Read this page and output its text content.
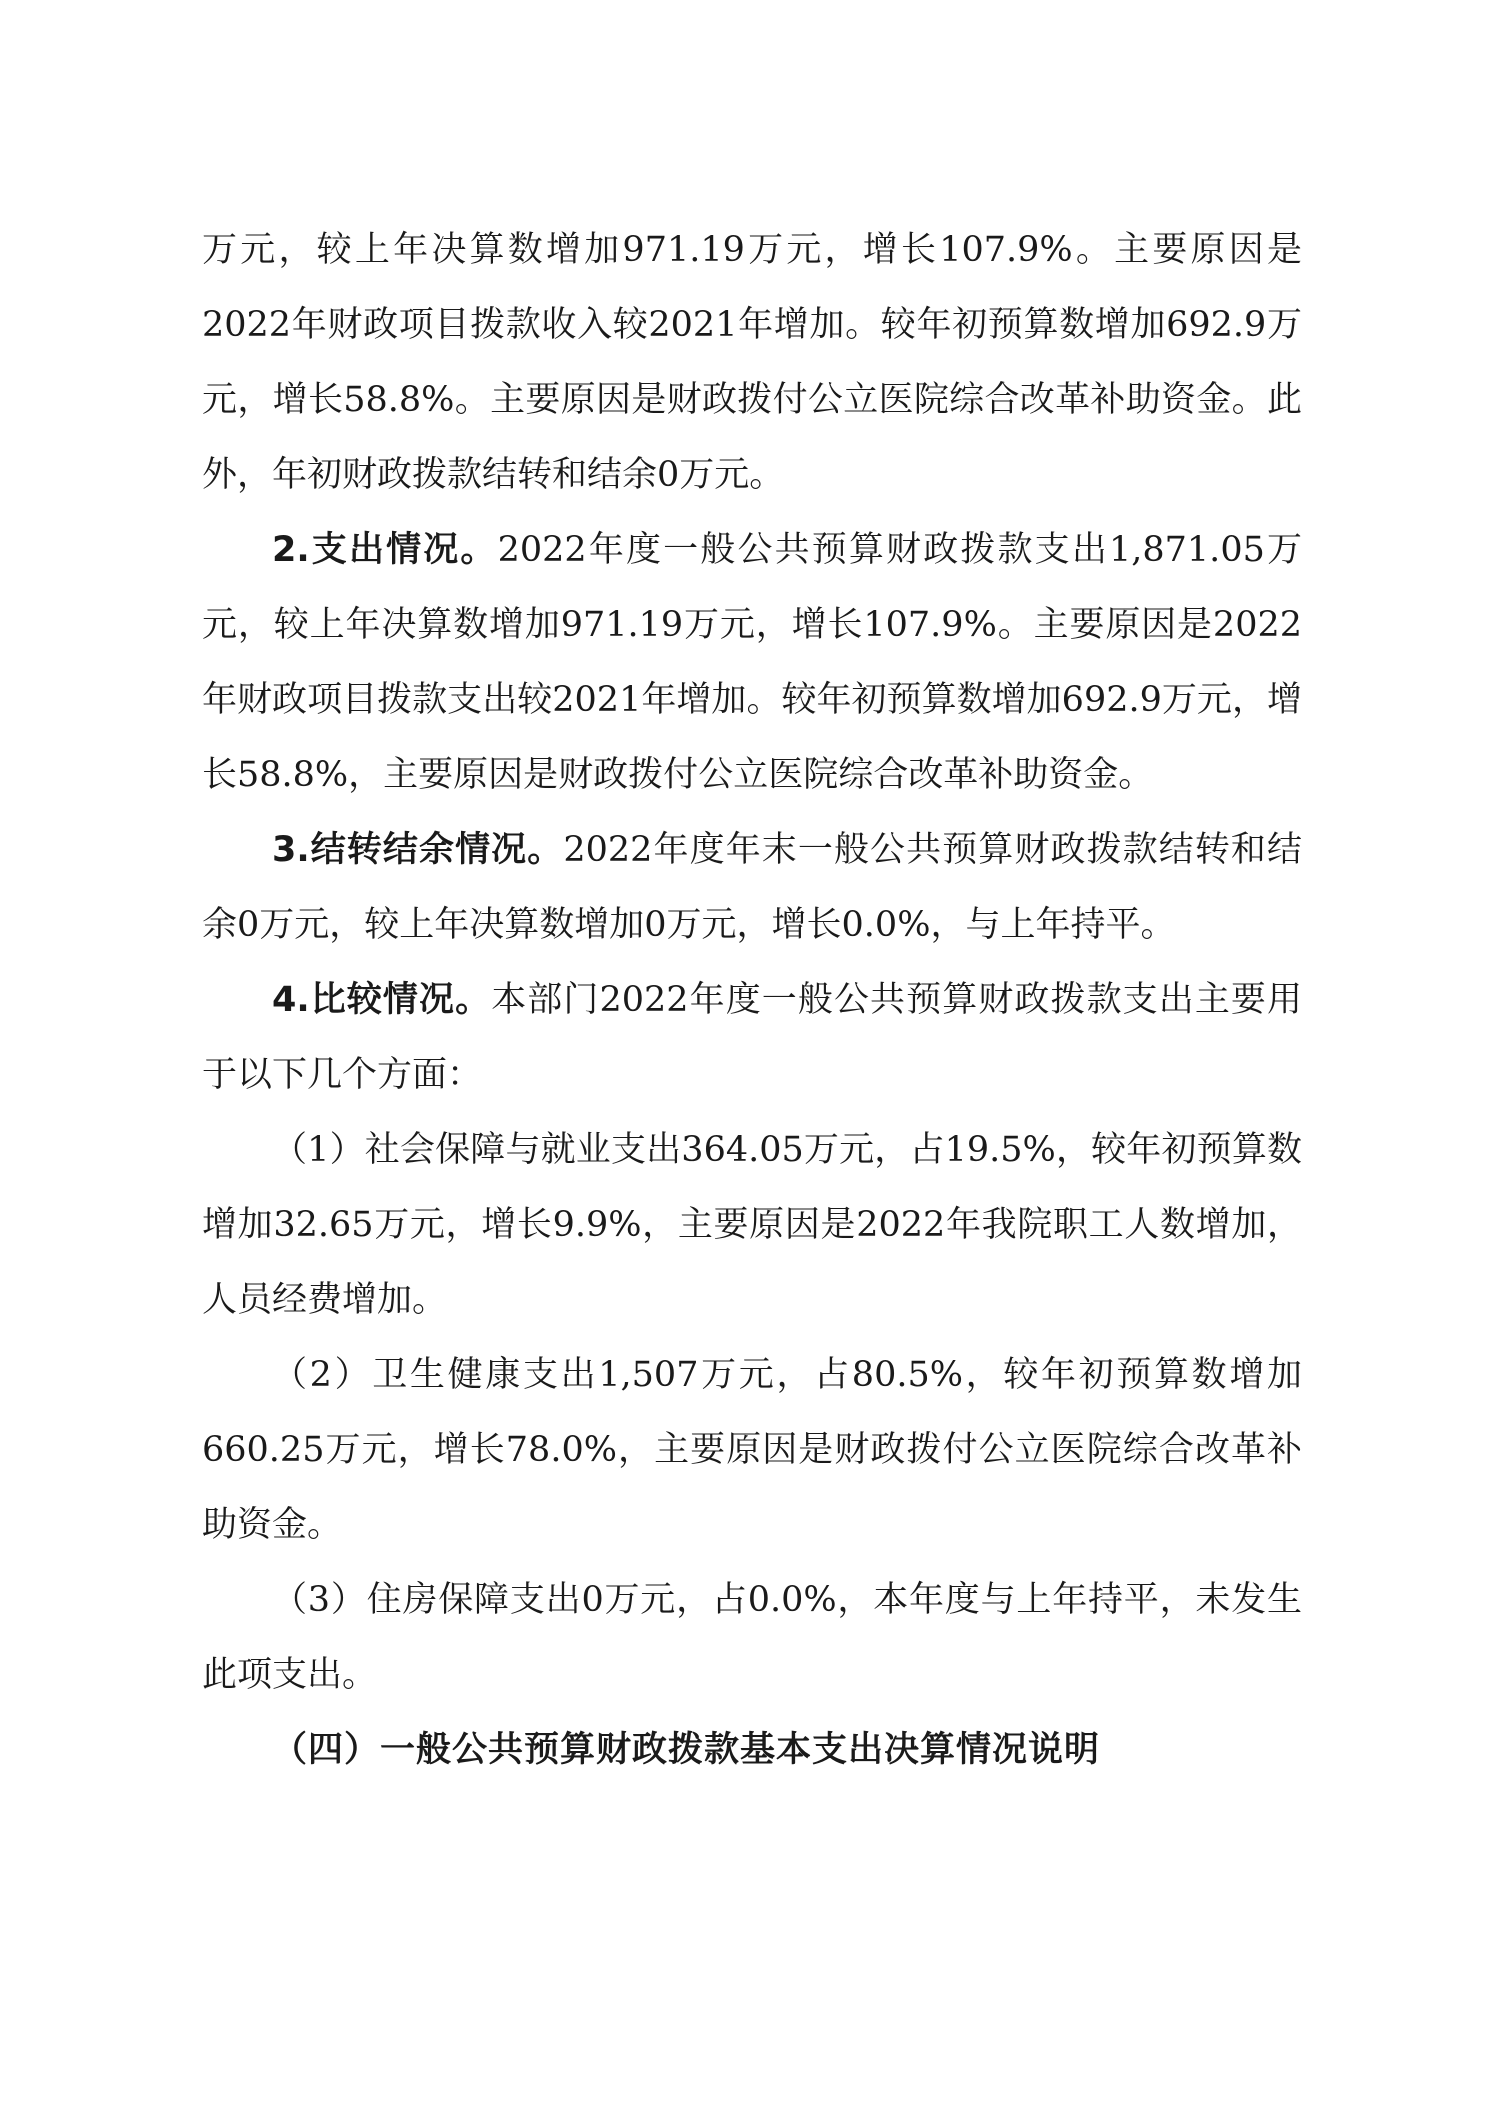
万元，较上年决算数增加971.19万元，增长107.9%。主要原因是2022年财政项目拨款收入较2021年增加。较年初预算数增加692.9万元，增长58.8%。主要原因是财政拨付公立医院综合改革补助资金。此外，年初财政拨款结转和结余0万元。

2.支出情况。2022年度一般公共预算财政拨款支出1,871.05万元，较上年决算数增加971.19万元，增长107.9%。主要原因是2022年财政项目拨款支出较2021年增加。较年初预算数增加692.9万元，增长58.8%，主要原因是财政拨付公立医院综合改革补助资金。

3.结转结余情况。2022年度年末一般公共预算财政拨款结转和结余0万元，较上年决算数增加0万元，增长0.0%，与上年持平。

4.比较情况。本部门2022年度一般公共预算财政拨款支出主要用于以下几个方面：

（1）社会保障与就业支出364.05万元，占19.5%，较年初预算数增加32.65万元，增长9.9%，主要原因是2022年我院职工人数增加，人员经费增加。

（2）卫生健康支出1,507万元，占80.5%，较年初预算数增加660.25万元，增长78.0%，主要原因是财政拨付公立医院综合改革补助资金。

（3）住房保障支出0万元，占0.0%，本年度与上年持平，未发生此项支出。

（四）一般公共预算财政拨款基本支出决算情况说明
